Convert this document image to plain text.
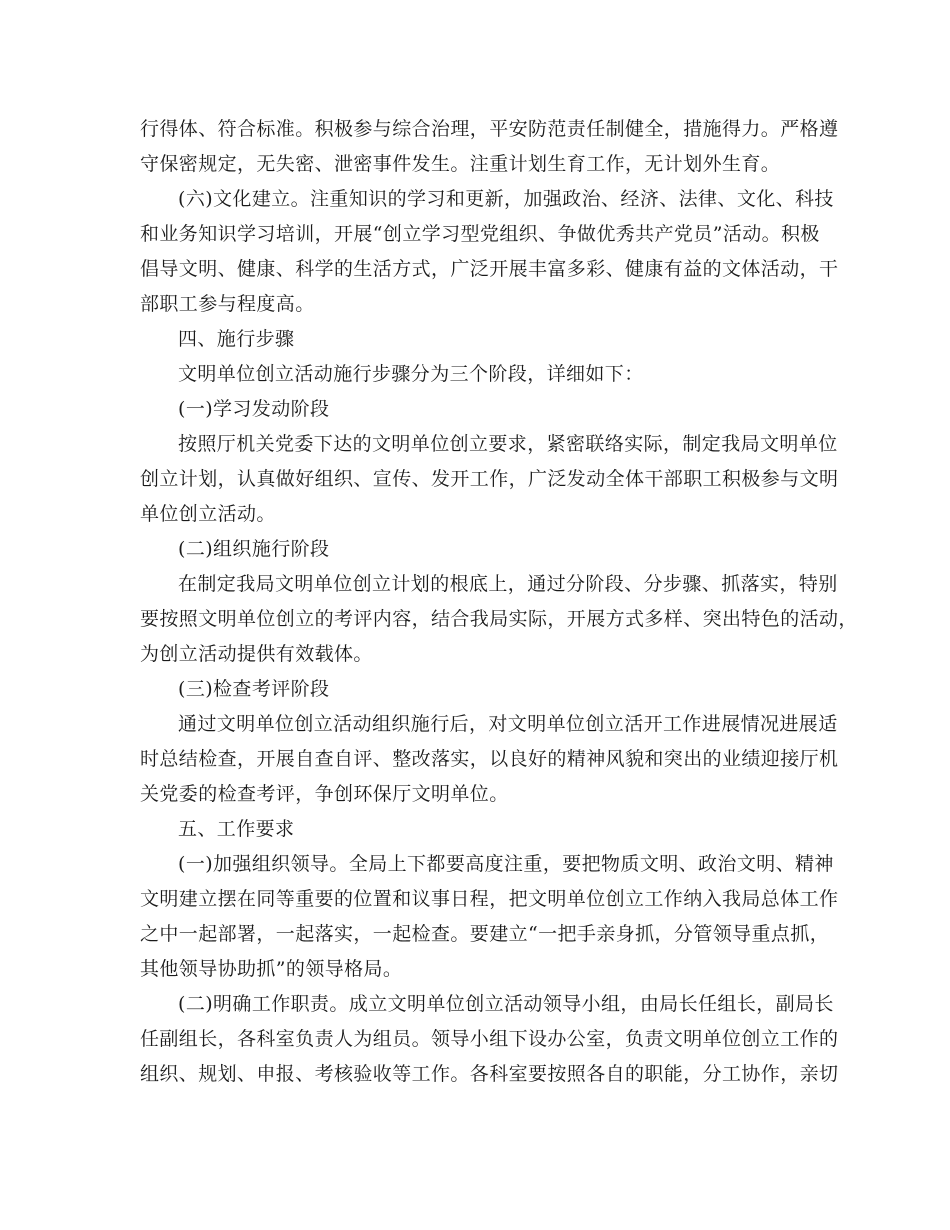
行得体、符合标准。积极参与综合治理，平安防范责任制健全，措施得力。严格遵
守保密规定，无失密、泄密事件发生。注重计划生育工作，无计划外生育。
(六)文化建立。注重知识的学习和更新，加强政治、经济、法律、文化、科技
和业务知识学习培训，开展“创立学习型党组织、争做优秀共产党员”活动。积极
倡导文明、健康、科学的生活方式，广泛开展丰富多彩、健康有益的文体活动，干
部职工参与程度高。
四、施行步骤
文明单位创立活动施行步骤分为三个阶段，详细如下：
(一)学习发动阶段
按照厅机关党委下达的文明单位创立要求，紧密联络实际，制定我局文明单位
创立计划，认真做好组织、宣传、发开工作，广泛发动全体干部职工积极参与文明
单位创立活动。
(二)组织施行阶段
在制定我局文明单位创立计划的根底上，通过分阶段、分步骤、抓落实，特别
要按照文明单位创立的考评内容，结合我局实际，开展方式多样、突出特色的活动，
为创立活动提供有效载体。
(三)检查考评阶段
通过文明单位创立活动组织施行后，对文明单位创立活开工作进展情况进展适
时总结检查，开展自查自评、整改落实，以良好的精神风貌和突出的业绩迎接厅机
关党委的检查考评，争创环保厅文明单位。
五、工作要求
(一)加强组织领导。全局上下都要高度注重，要把物质文明、政治文明、精神
文明建立摆在同等重要的位置和议事日程，把文明单位创立工作纳入我局总体工作
之中一起部署，一起落实，一起检查。要建立“一把手亲身抓，分管领导重点抓，
其他领导协助抓”的领导格局。
(二)明确工作职责。成立文明单位创立活动领导小组，由局长任组长，副局长
任副组长，各科室负责人为组员。领导小组下设办公室，负责文明单位创立工作的
组织、规划、申报、考核验收等工作。各科室要按照各自的职能，分工协作，亲切
